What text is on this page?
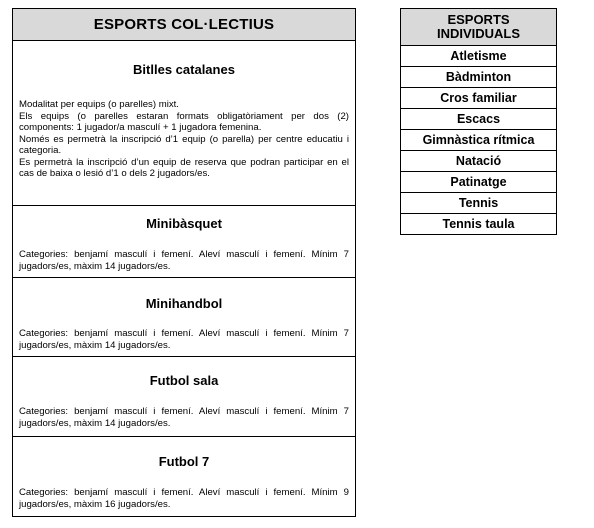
ESPORTS COL·LECTIUS
Bitlles catalanes

Modalitat per equips (o parelles) mixt.

Els equips (o parelles estaran formats obligatòriament per dos (2) components: 1 jugador/a masculí + 1 jugadora femenina.

Només es permetrà la inscripció d’1 equip (o parella) per centre educatiu i categoria.

Es permetrà la inscripció d’un equip de reserva que podran participar en el cas de baixa o lesió d’1 o dels 2 jugadors/es.

Minibàsquet

Categories: benjamí masculí i femení. Aleví masculí i femení. Mínim 7 jugadors/es, màxim 14 jugadors/es.

Minihandbol

Categories: benjamí masculí i femení. Aleví masculí i femení. Mínim 7 jugadors/es, màxim 14 jugadors/es.

Futbol sala

Categories: benjamí masculí i femení. Aleví masculí i femení. Mínim 7 jugadors/es, màxim 14 jugadors/es.

Futbol 7

Categories: benjamí masculí i femení. Aleví masculí i femení. Mínim 9 jugadors/es, màxim 16 jugadors/es.

ESPORTS
INDIVIDUALS
Atletisme
Bàdminton
Cros familiar
Escacs
Gimnàstica rítmica
Natació
Patinatge
Tennis
Tennis taula
